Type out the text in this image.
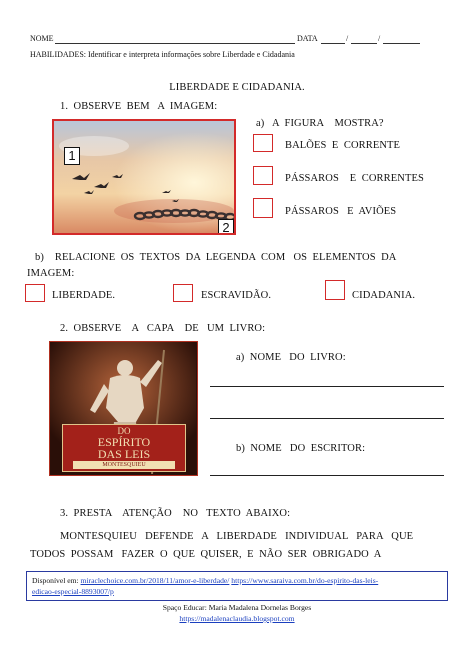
NOME	DATA	/	/
HABILIDADES: Identificar e interpreta informações sobre Liberdade e Cidadania
LIBERDADE E CIDADANIA.
1.  OBSERVE  BEM   A  IMAGEM:
1
2
a)   A  FIGURA    MOSTRA?
BALÕES  E  CORRENTE
PÁSSAROS    E  CORRENTES
PÁSSAROS   E  AVIÕES
b)    RELACIONE  OS  TEXTOS  DA  LEGENDA  COM   OS  ELEMENTOS  DA
IMAGEM:
LIBERDADE.	ESCRAVIDÃO.	CIDADANIA.
2.  OBSERVE    A   CAPA    DE   UM  LIVRO:
DO
ESPÍRITO
DAS LEIS
MONTESQUIEU
a)  NOME   DO  LIVRO:
b)  NOME   DO  ESCRITOR:
3.  PRESTA    ATENÇÃO    NO   TEXTO  ABAIXO:
MONTESQUIEU   DEFENDE   A   LIBERDADE   INDIVIDUAL   PARA   QUE
TODOS  POSSAM   FAZER  O  QUE  QUISER,  E  NÃO  SER  OBRIGADO  A
Disponível em: miraclechoice.com.br/2018/11/amor-e-liberdade/ https://www.saraiva.com.br/do-espirito-das-leis-
edicao-especial-8893007/p
Spaço Educar: Maria Madalena Dornelas Borges
https://madalenaclaudia.blogspot.com
